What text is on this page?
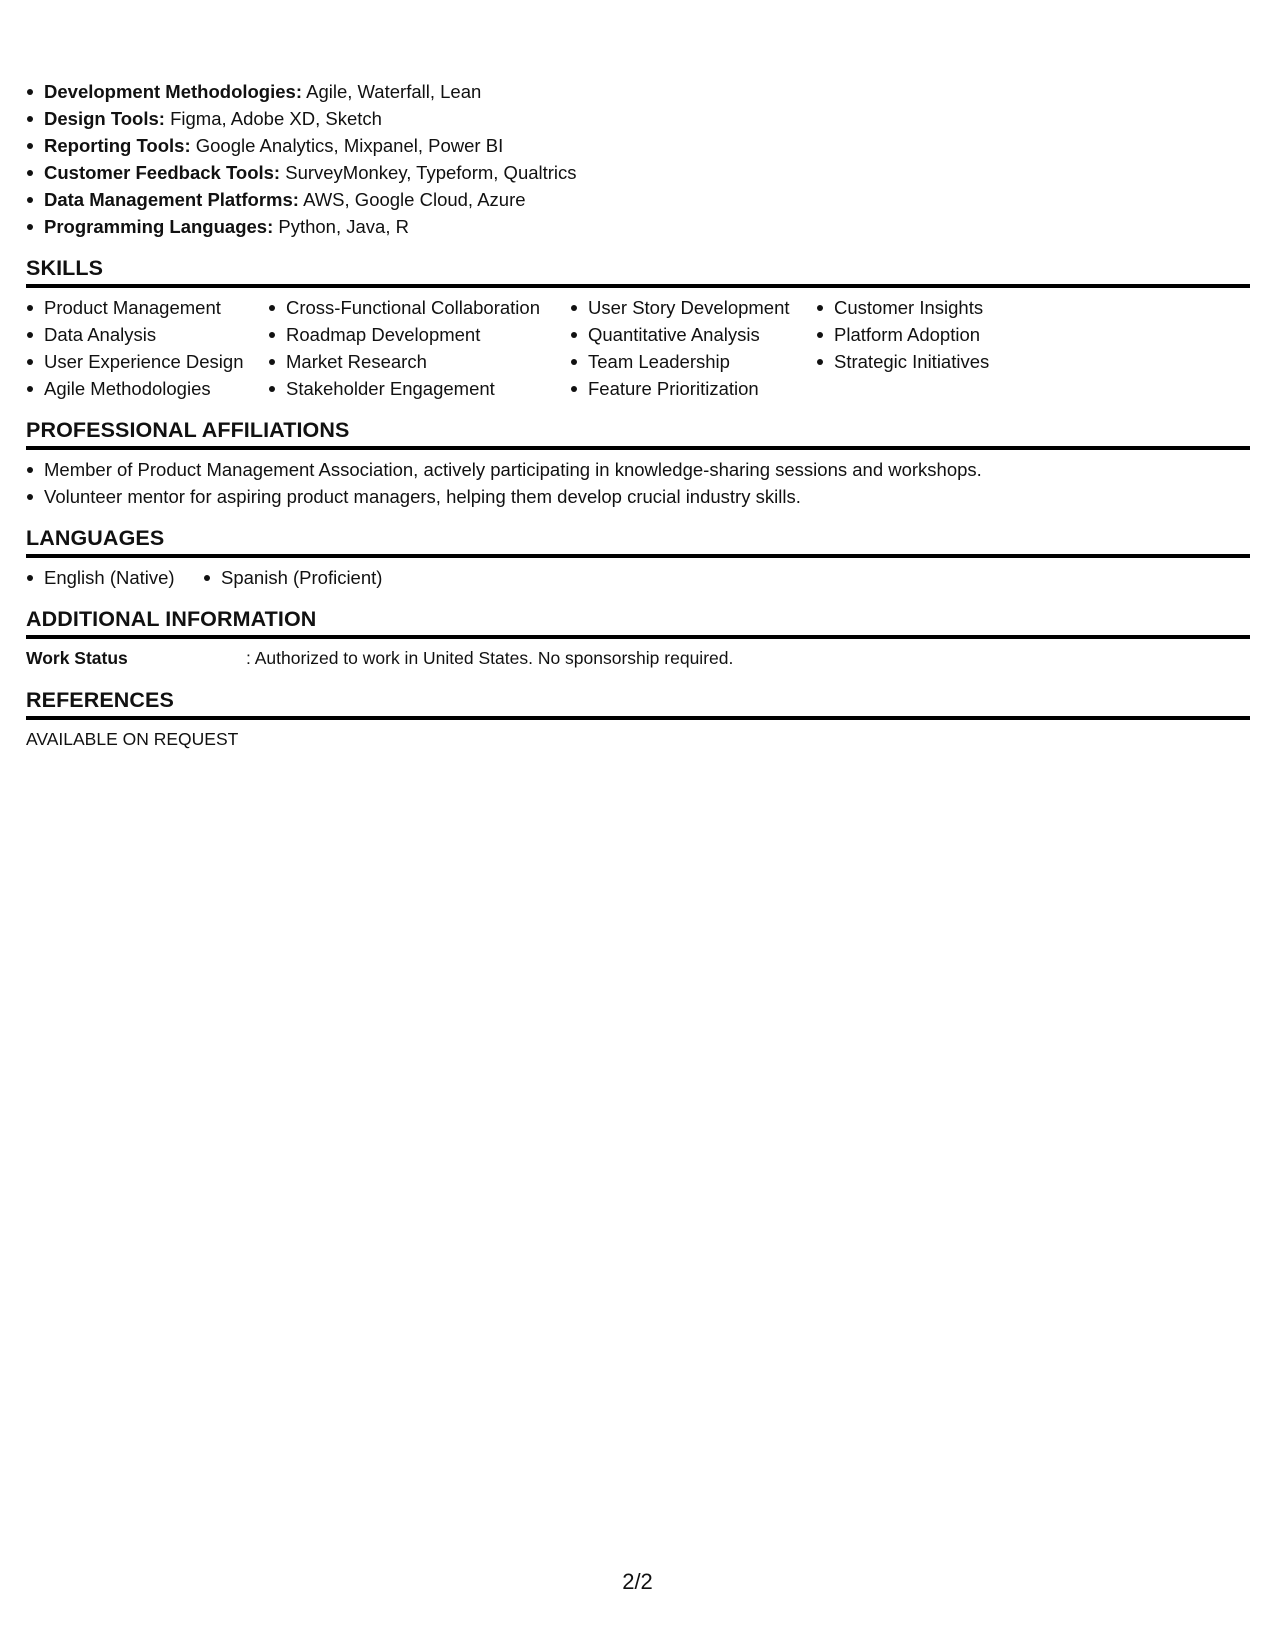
Development Methodologies: Agile, Waterfall, Lean
Design Tools: Figma, Adobe XD, Sketch
Reporting Tools: Google Analytics, Mixpanel, Power BI
Customer Feedback Tools: SurveyMonkey, Typeform, Qualtrics
Data Management Platforms: AWS, Google Cloud, Azure
Programming Languages: Python, Java, R
SKILLS
Product Management
Data Analysis
User Experience Design
Agile Methodologies
Cross-Functional Collaboration
Roadmap Development
Market Research
Stakeholder Engagement
User Story Development
Quantitative Analysis
Team Leadership
Feature Prioritization
Customer Insights
Platform Adoption
Strategic Initiatives
PROFESSIONAL AFFILIATIONS
Member of Product Management Association, actively participating in knowledge-sharing sessions and workshops.
Volunteer mentor for aspiring product managers, helping them develop crucial industry skills.
LANGUAGES
English (Native)	Spanish (Proficient)
ADDITIONAL INFORMATION
Work Status	: Authorized to work in United States. No sponsorship required.
REFERENCES
AVAILABLE ON REQUEST
2/2
